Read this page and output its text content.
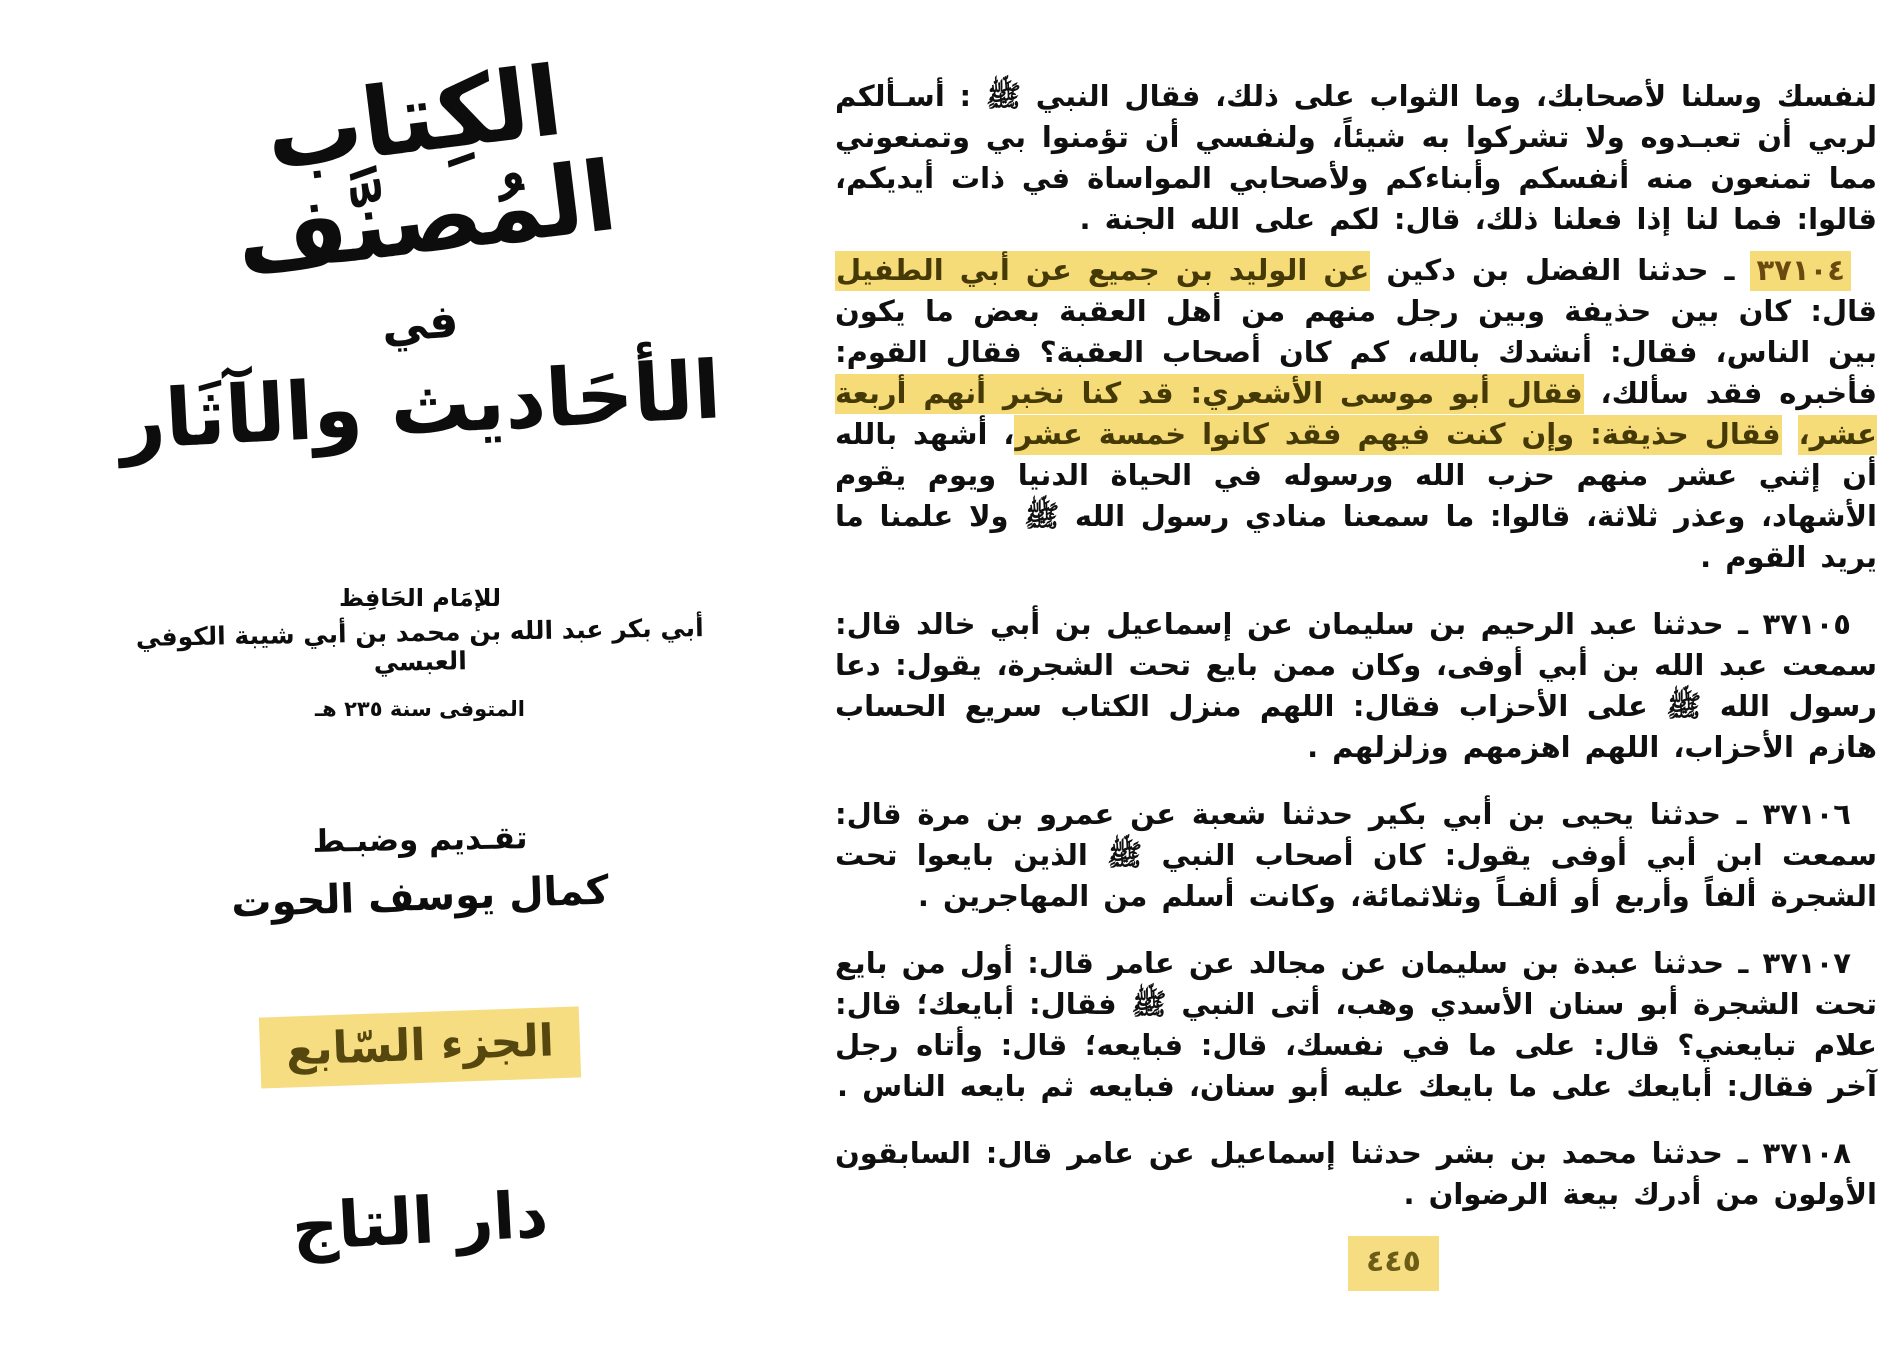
الكِتاب المُصنَّف
في
الأحَاديث والآثَار
للإمَام الحَافِظ
أبي بكر عبد الله بن محمد بن أبي شيبة الكوفي العبسي
المتوفى سنة ٢٣٥ هـ
تقـديم وضبـط
كمال يوسف الحوت
الجزء السّابع
دار التاج

لنفسك وسلنا لأصحابك، وما الثواب على ذلك، فقال النبي ﷺ : أسـألكم لربي أن تعبـدوه ولا تشركوا به شيئاً، ولنفسي أن تؤمنوا بي وتمنعوني مما تمنعون منه أنفسكم وأبناءكم ولأصحابي المواساة في ذات أيديكم، قالوا: فما لنا إذا فعلنا ذلك، قال: لكم على الله الجنة .

٣٧١٠٤ ـ حدثنا الفضل بن دكين عن الوليد بن جميع عن أبي الطفيل قال: كان بين حذيفة وبين رجل منهم من أهل العقبة بعض ما يكون بين الناس، فقال: أنشدك بالله، كم كان أصحاب العقبة؟ فقال القوم: فأخبره فقد سألك، فقال أبو موسى الأشعري: قد كنا نخبر أنهم أربعة عشر، فقال حذيفة: وإن كنت فيهم فقد كانوا خمسة عشر، أشهد بالله أن إثني عشر منهم حزب الله ورسوله في الحياة الدنيا ويوم يقوم الأشهاد، وعذر ثلاثة، قالوا: ما سمعنا منادي رسول الله ﷺ ولا علمنا ما يريد القوم .

٣٧١٠٥ ـ حدثنا عبد الرحيم بن سليمان عن إسماعيل بن أبي خالد قال: سمعت عبد الله بن أبي أوفى، وكان ممن بايع تحت الشجرة، يقول: دعا رسول الله ﷺ على الأحزاب فقال: اللهم منزل الكتاب سريع الحساب هازم الأحزاب، اللهم اهزمهم وزلزلهم .

٣٧١٠٦ ـ حدثنا يحيى بن أبي بكير حدثنا شعبة عن عمرو بن مرة قال: سمعت ابن أبي أوفى يقول: كان أصحاب النبي ﷺ الذين بايعوا تحت الشجرة ألفاً وأربع أو ألفـاً وثلاثمائة، وكانت أسلم من المهاجرين .

٣٧١٠٧ ـ حدثنا عبدة بن سليمان عن مجالد عن عامر قال: أول من بايع تحت الشجرة أبو سنان الأسدي وهب، أتى النبي ﷺ فقال: أبايعك؛ قال: علام تبايعني؟ قال: على ما في نفسك، قال: فبايعه؛ قال: وأتاه رجل آخر فقال: أبايعك على ما بايعك عليه أبو سنان، فبايعه ثم بايعه الناس .

٣٧١٠٨ ـ حدثنا محمد بن بشر حدثنا إسماعيل عن عامر قال: السابقون الأولون من أدرك بيعة الرضوان .

٤٤٥
